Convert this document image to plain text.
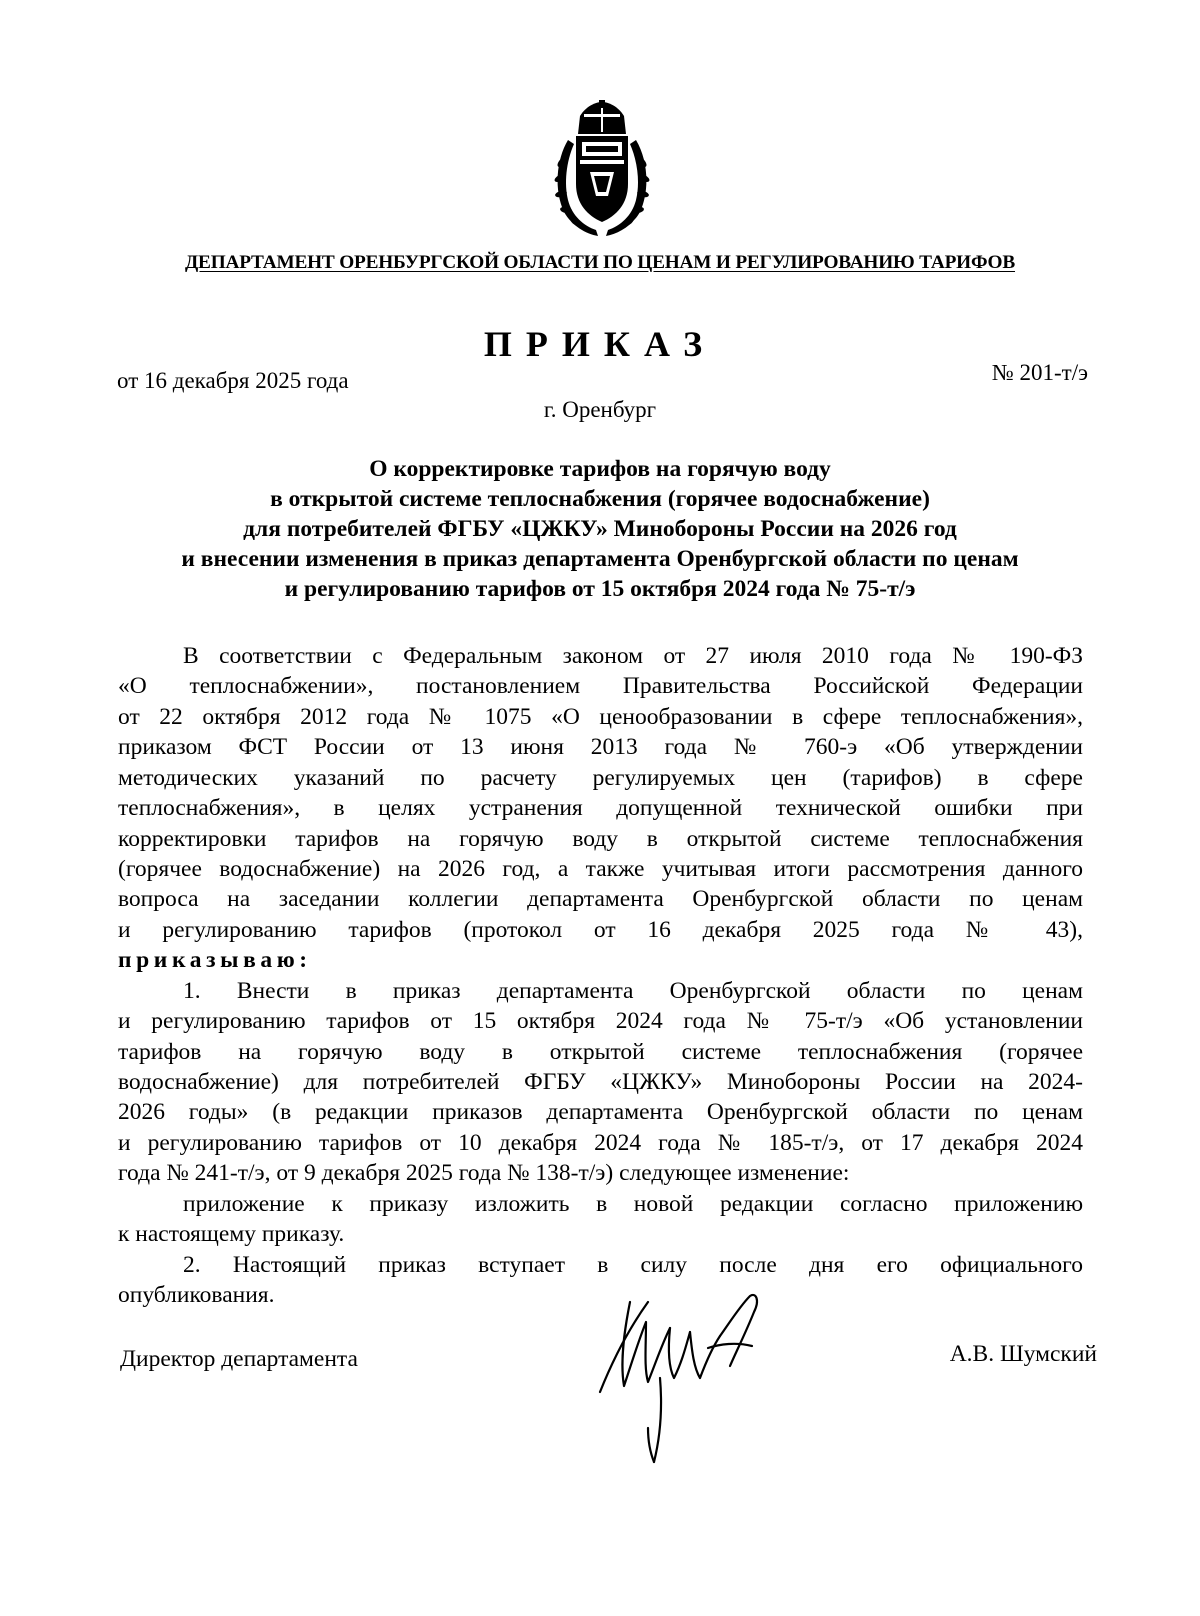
ДЕПАРТАМЕНТ ОРЕНБУРГСКОЙ ОБЛАСТИ ПО ЦЕНАМ И РЕГУЛИРОВАНИЮ ТАРИФОВ
ПРИКАЗ
от 16 декабря 2025 года	№ 201-т/э
г. Оренбург
О корректировке тарифов на горячую воду
в открытой системе теплоснабжения (горячее водоснабжение)
для потребителей ФГБУ «ЦЖКУ» Минобороны России на 2026 год
и внесении изменения в приказ департамента Оренбургской области по ценам
и регулированию тарифов от 15 октября 2024 года № 75-т/э
В соответствии с Федеральным законом от 27 июля 2010 года № 190-ФЗ
«О теплоснабжении», постановлением Правительства Российской Федерации
от 22 октября 2012 года № 1075 «О ценообразовании в сфере теплоснабжения»,
приказом ФСТ России от 13 июня 2013 года № 760-э «Об утверждении
методических указаний по расчету регулируемых цен (тарифов) в сфере
теплоснабжения», в целях устранения допущенной технической ошибки при
корректировки тарифов на горячую воду в открытой системе теплоснабжения
(горячее водоснабжение) на 2026 год, а также учитывая итоги рассмотрения данного
вопроса на заседании коллегии департамента Оренбургской области по ценам
и регулированию тарифов (протокол от 16 декабря 2025 года № 43),
приказываю:
1. Внести в приказ департамента Оренбургской области по ценам
и регулированию тарифов от 15 октября 2024 года № 75-т/э «Об установлении
тарифов на горячую воду в открытой системе теплоснабжения (горячее
водоснабжение) для потребителей ФГБУ «ЦЖКУ» Минобороны России на 2024-
2026 годы» (в редакции приказов департамента Оренбургской области по ценам
и регулированию тарифов от 10 декабря 2024 года № 185-т/э, от 17 декабря 2024
года № 241-т/э, от 9 декабря 2025 года № 138-т/э) следующее изменение:
приложение к приказу изложить в новой редакции согласно приложению
к настоящему приказу.
2. Настоящий приказ вступает в силу после дня его официального
опубликования.
Директор департамента	А.В. Шумский
